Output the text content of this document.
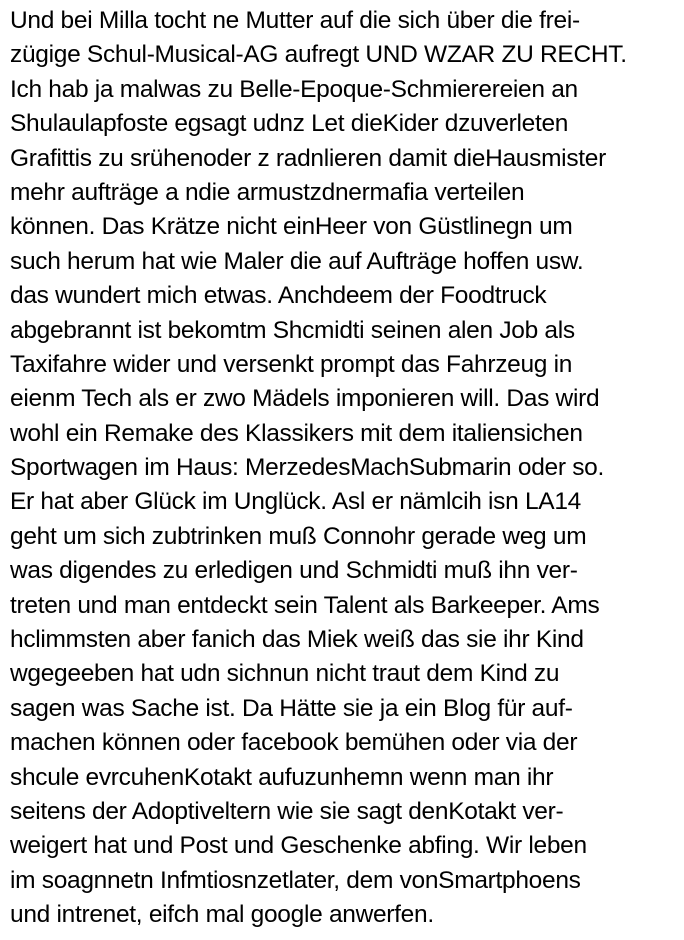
Und bei Milla tocht ne Mutter auf die sich über die frei-
zügige Schul-Musical-AG aufregt UND WZAR ZU RECHT.
Ich hab ja malwas zu Belle-Epoque-Schmierereien an
Shulaulapfoste egsagt udnz Let dieKider dzuverleten
Grafittis zu srühenoder z radnlieren damit dieHausmister
mehr aufträge a ndie armustzdnermafia verteilen
können. Das Krätze nicht einHeer von Güstlinegn um
such herum hat wie Maler die auf Aufträge hoffen usw.
das wundert mich etwas. Anchdeem der Foodtruck
abgebrannt ist bekomtm Shcmidti seinen alen Job als
Taxifahre wider und versenkt prompt das Fahrzeug in
eienm Tech als er zwo Mädels imponieren will. Das wird
wohl ein Remake des Klassikers mit dem italiensichen
Sportwagen im Haus: MerzedesMachSubmarin oder so.
Er hat aber Glück im Unglück. Asl er nämlcih isn LA14
geht um sich zubtrinken muß Connohr gerade weg um
was digendes zu erledigen und Schmidti muß ihn ver-
treten und man entdeckt sein Talent als Barkeeper. Ams
hclimmsten aber fanich das Miek weiß das sie ihr Kind
wgegeeben hat udn sichnun nicht traut dem Kind zu
sagen was Sache ist. Da Hätte sie ja ein Blog für auf-
machen können oder facebook bemühen oder via der
shcule evrcuhenKotakt aufuzunhemn wenn man ihr
seitens der Adoptiveltern wie sie sagt denKotakt ver-
weigert hat und Post und Geschenke abfing. Wir leben
im soagnnetn Infmtiosnzetlater, dem vonSmartphoens
und intrenet, eifch mal google anwerfen.
